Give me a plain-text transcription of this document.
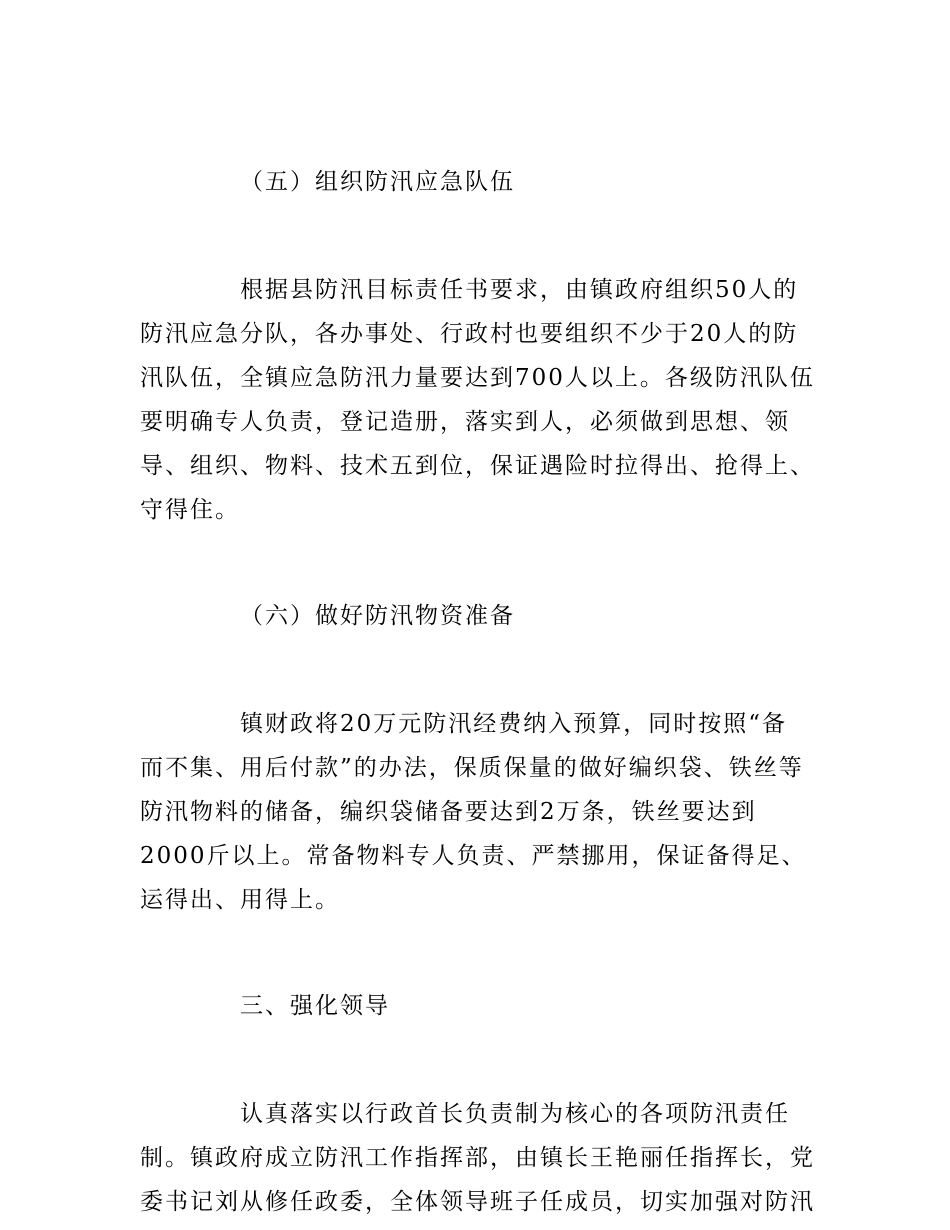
（五）组织防汛应急队伍

根据县防汛目标责任书要求，由镇政府组织50人的
防汛应急分队，各办事处、行政村也要组织不少于20人的防
汛队伍，全镇应急防汛力量要达到700人以上。各级防汛队伍
要明确专人负责，登记造册，落实到人，必须做到思想、领
导、组织、物料、技术五到位，保证遇险时拉得出、抢得上、
守得住。

（六）做好防汛物资准备

镇财政将20万元防汛经费纳入预算，同时按照“备
而不集、用后付款”的办法，保质保量的做好编织袋、铁丝等
防汛物料的储备，编织袋储备要达到2万条，铁丝要达到
2000斤以上。常备物料专人负责、严禁挪用，保证备得足、
运得出、用得上。

三、强化领导

认真落实以行政首长负责制为核心的各项防汛责任
制。镇政府成立防汛工作指挥部，由镇长王艳丽任指挥长，党
委书记刘从修任政委，全体领导班子任成员，切实加强对防汛
